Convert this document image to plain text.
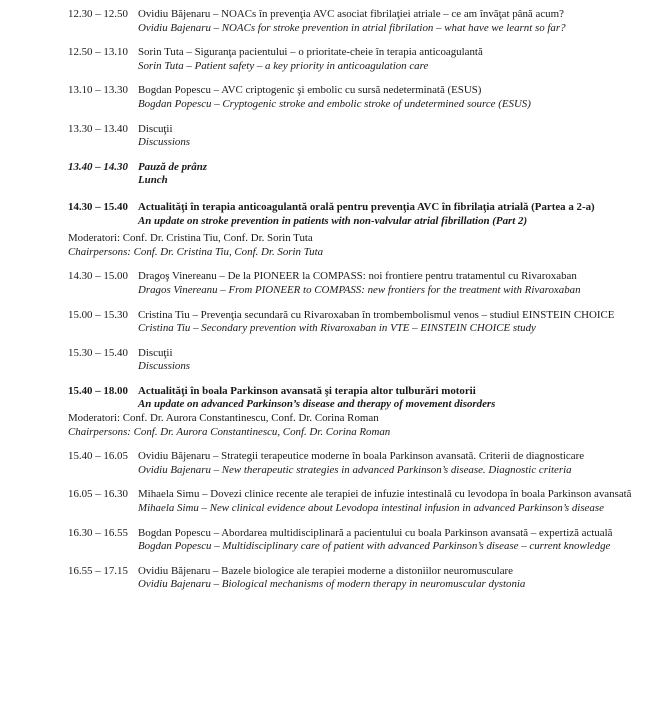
12.30 – 12.50 Ovidiu Băjenaru – NOACs în prevenţia AVC asociat fibrilaţiei atriale – ce am învăţat până acum?
Ovidiu Bajenaru – NOACs for stroke prevention in atrial fibrilation – what have we learnt so far?
12.50 – 13.10 Sorin Tuta – Siguranţa pacientului – o prioritate-cheie în terapia anticoagulantă
Sorin Tuta – Patient safety – a key priority in anticoagulation care
13.10 – 13.30 Bogdan Popescu – AVC criptogenic şi embolic cu sursă nedeterminată (ESUS)
Bogdan Popescu – Cryptogenic stroke and embolic stroke of undetermined source (ESUS)
13.30 – 13.40 Discuţii
Discussions
13.40 – 14.30 Pauză de prânz
Lunch
14.30 – 15.40 Actualităţi în terapia anticoagulantă orală pentru prevenţia AVC în fibrilaţia atrială (Partea a 2-a)
An update on stroke prevention in patients with non-valvular atrial fibrillation (Part 2)
Moderatori: Conf. Dr. Cristina Tiu, Conf. Dr. Sorin Tuta
Chairpersons: Conf. Dr. Cristina Tiu, Conf. Dr. Sorin Tuta
14.30 – 15.00 Dragoş Vinereanu – De la PIONEER la COMPASS: noi frontiere pentru tratamentul cu Rivaroxaban
Dragos Vinereanu – From PIONEER to COMPASS: new frontiers for the treatment with Rivaroxaban
15.00 – 15.30 Cristina Tiu – Prevenţia secundară cu Rivaroxaban în trombembolismul venos – studiul EINSTEIN CHOICE
Cristina Tiu – Secondary prevention with Rivaroxaban in VTE – EINSTEIN CHOICE study
15.30 – 15.40 Discuţii
Discussions
15.40 – 18.00 Actualităţi în boala Parkinson avansată şi terapia altor tulburări motorii
An update on advanced Parkinson’s disease and therapy of movement disorders
Moderatori: Conf. Dr. Aurora Constantinescu, Conf. Dr. Corina Roman
Chairpersons: Conf. Dr. Aurora Constantinescu, Conf. Dr. Corina Roman
15.40 – 16.05 Ovidiu Băjenaru – Strategii terapeutice moderne în boala Parkinson avansată. Criterii de diagnosticare
Ovidiu Bajenaru – New therapeutic strategies in advanced Parkinson’s disease. Diagnostic criteria
16.05 – 16.30 Mihaela Simu – Dovezi clinice recente ale terapiei de infuzie intestinală cu levodopa în boala Parkinson avansată
Mihaela Simu – New clinical evidence about Levodopa intestinal infusion in advanced Parkinson’s disease
16.30 – 16.55 Bogdan Popescu – Abordarea multidisciplinară a pacientului cu boala Parkinson avansată – expertiză actuală
Bogdan Popescu – Multidisciplinary care of patient with advanced Parkinson’s disease – current knowledge
16.55 – 17.15 Ovidiu Băjenaru – Bazele biologice ale terapiei moderne a distoniilor neuromusculare
Ovidiu Bajenaru – Biological mechanisms of modern therapy in neuromuscular dystonia
